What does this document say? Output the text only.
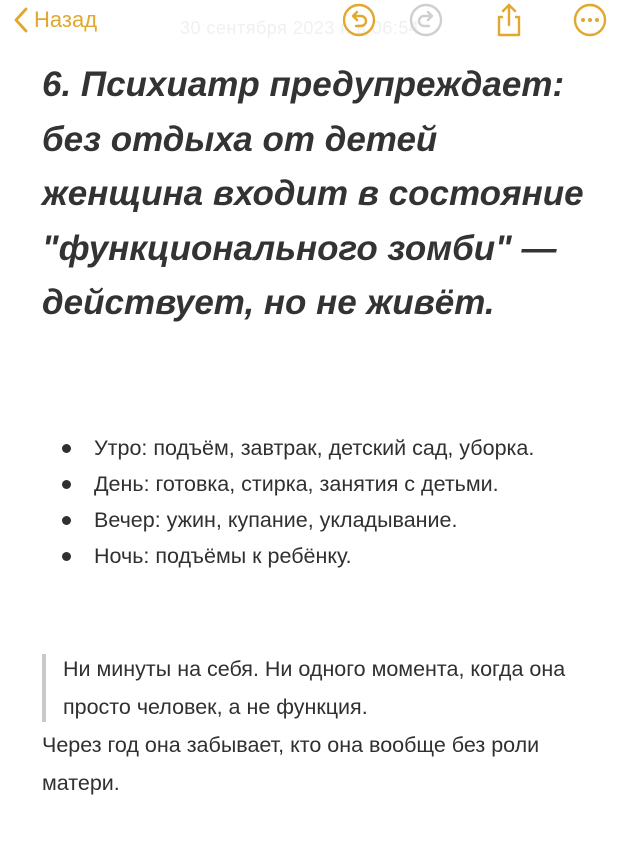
Назад	30 сентября 2023 г. в 06:54
6. Психиатр предупреждает: без отдыха от детей женщина входит в состояние "функционального зомби" — действует, но не живёт.
Утро: подъём, завтрак, детский сад, уборка.
День: готовка, стирка, занятия с детьми.
Вечер: ужин, купание, укладывание.
Ночь: подъёмы к ребёнку.
Ни минуты на себя. Ни одного момента, когда она просто человек, а не функция.
Через год она забывает, кто она вообще без роли матери.
